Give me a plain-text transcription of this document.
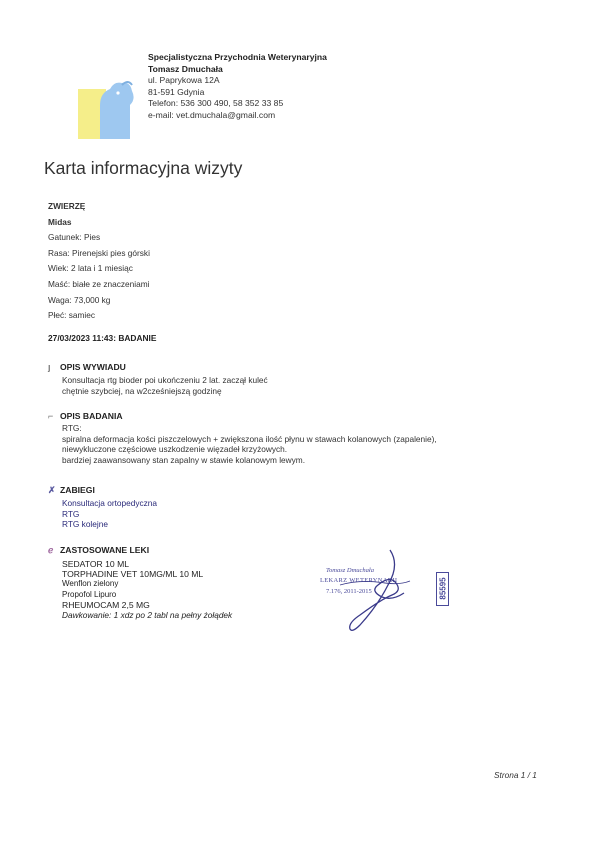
Specjalistyczna Przychodnia Weterynaryjna
Tomasz Dmuchała
ul. Paprykowa 12A
81-591 Gdynia
Telefon: 536 300 490, 58 352 33 85
e-mail: vet.dmuchala@gmail.com
Karta informacyjna wizyty
ZWIERZĘ
Midas
Gatunek: Pies
Rasa: Pirenejski pies górski
Wiek: 2 lata i 1 miesiąc
Maść: białe ze znaczeniami
Waga: 73,000 kg
Płeć: samiec
27/03/2023 11:43: BADANIE
ȷ OPIS WYWIADU
Konsultacja rtg bioder poi ukończeniu 2 lat. zaczął kuleć
chętnie szybciej, na w2cześniejszą godzinę
⌐ OPIS BADANIA
RTG:
spiralna deformacja kości piszczelowych + zwiększona ilość płynu w stawach kolanowych (zapalenie),
niewykluczone częściowe uszkodzenie więzadeł krzyżowych.
bardziej zaawansowany stan zapalny w stawie kolanowym lewym.
✗ ZABIEGI
Konsultacja ortopedyczna
RTG
RTG kolejne
ℯ ZASTOSOWANE LEKI
SEDATOR 10 ML
TORPHADINE VET 10MG/ML 10 ML
Wenflon zielony
Propofol Lipuro
RHEUMOCAM 2,5 MG
Dawkowanie: 1 xdz po 2 tabl na pełny żołądek
Tomasz Dmuchała
LEKARZ WETERYNARII
7.176, 2011-2015	85595
Strona 1 / 1
